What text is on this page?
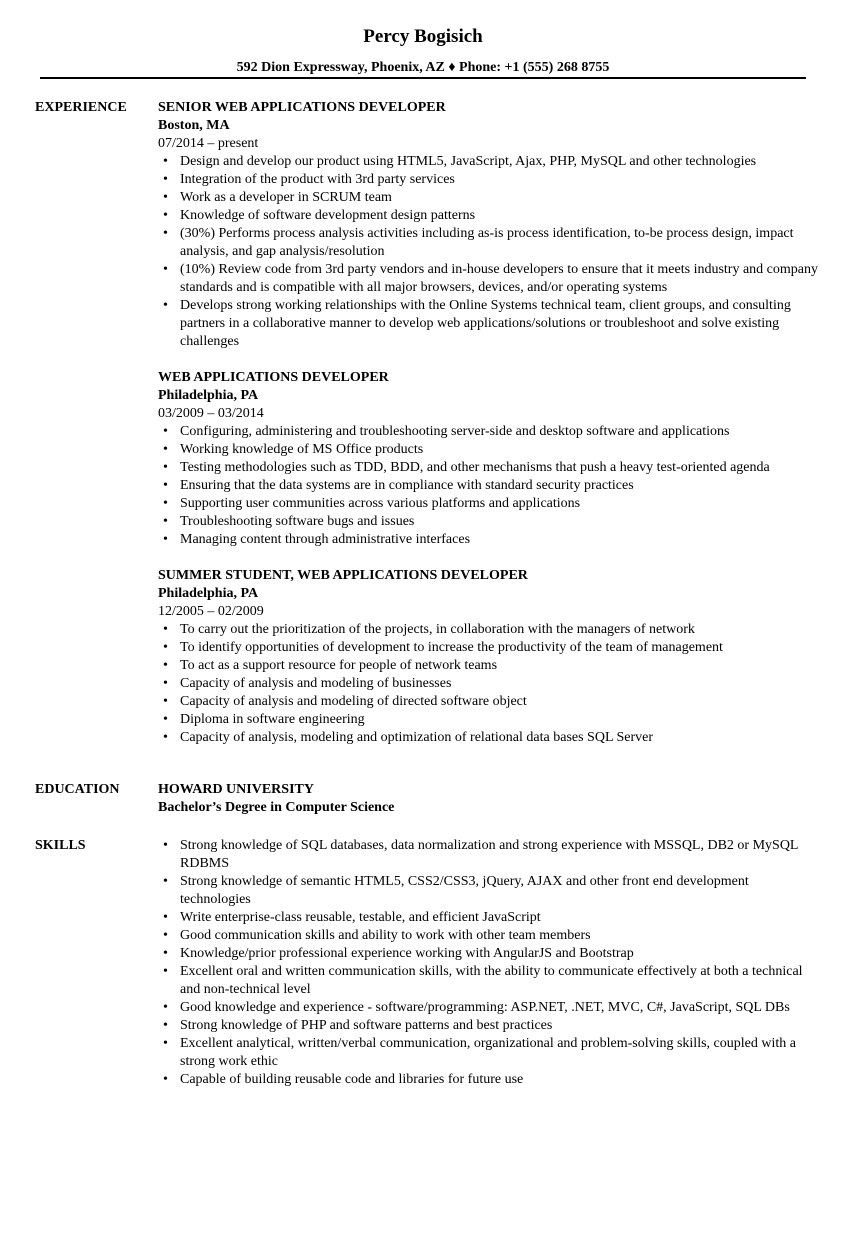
Percy Bogisich
592 Dion Expressway, Phoenix, AZ ♦ Phone: +1 (555) 268 8755
EXPERIENCE SENIOR WEB APPLICATIONS DEVELOPER
Boston, MA
07/2014 – present
• Design and develop our product using HTML5, JavaScript, Ajax, PHP, MySQL and other technologies
• Integration of the product with 3rd party services
• Work as a developer in SCRUM team
• Knowledge of software development design patterns
• (30%) Performs process analysis activities including as-is process identification, to-be process design, impact analysis, and gap analysis/resolution
• (10%) Review code from 3rd party vendors and in-house developers to ensure that it meets industry and company standards and is compatible with all major browsers, devices, and/or operating systems
• Develops strong working relationships with the Online Systems technical team, client groups, and consulting partners in a collaborative manner to develop web applications/solutions or troubleshoot and solve existing challenges
WEB APPLICATIONS DEVELOPER
Philadelphia, PA
03/2009 – 03/2014
• Configuring, administering and troubleshooting server-side and desktop software and applications
• Working knowledge of MS Office products
• Testing methodologies such as TDD, BDD, and other mechanisms that push a heavy test-oriented agenda
• Ensuring that the data systems are in compliance with standard security practices
• Supporting user communities across various platforms and applications
• Troubleshooting software bugs and issues
• Managing content through administrative interfaces
SUMMER STUDENT, WEB APPLICATIONS DEVELOPER
Philadelphia, PA
12/2005 – 02/2009
• To carry out the prioritization of the projects, in collaboration with the managers of network
• To identify opportunities of development to increase the productivity of the team of management
• To act as a support resource for people of network teams
• Capacity of analysis and modeling of businesses
• Capacity of analysis and modeling of directed software object
• Diploma in software engineering
• Capacity of analysis, modeling and optimization of relational data bases SQL Server
EDUCATION	HOWARD UNIVERSITY
Bachelor’s Degree in Computer Science
SKILLS
•	Strong knowledge of SQL databases, data normalization and strong experience with MSSQL, DB2 or MySQL RDBMS
• Strong knowledge of semantic HTML5, CSS2/CSS3, jQuery, AJAX and other front end development technologies
• Write enterprise-class reusable, testable, and efficient JavaScript
• Good communication skills and ability to work with other team members
• Knowledge/prior professional experience working with AngularJS and Bootstrap
• Excellent oral and written communication skills, with the ability to communicate effectively at both a technical and non-technical level
• Good knowledge and experience - software/programming: ASP.NET, .NET, MVC, C#, JavaScript, SQL DBs
• Strong knowledge of PHP and software patterns and best practices
• Excellent analytical, written/verbal communication, organizational and problem-solving skills, coupled with a strong work ethic
• Capable of building reusable code and libraries for future use
